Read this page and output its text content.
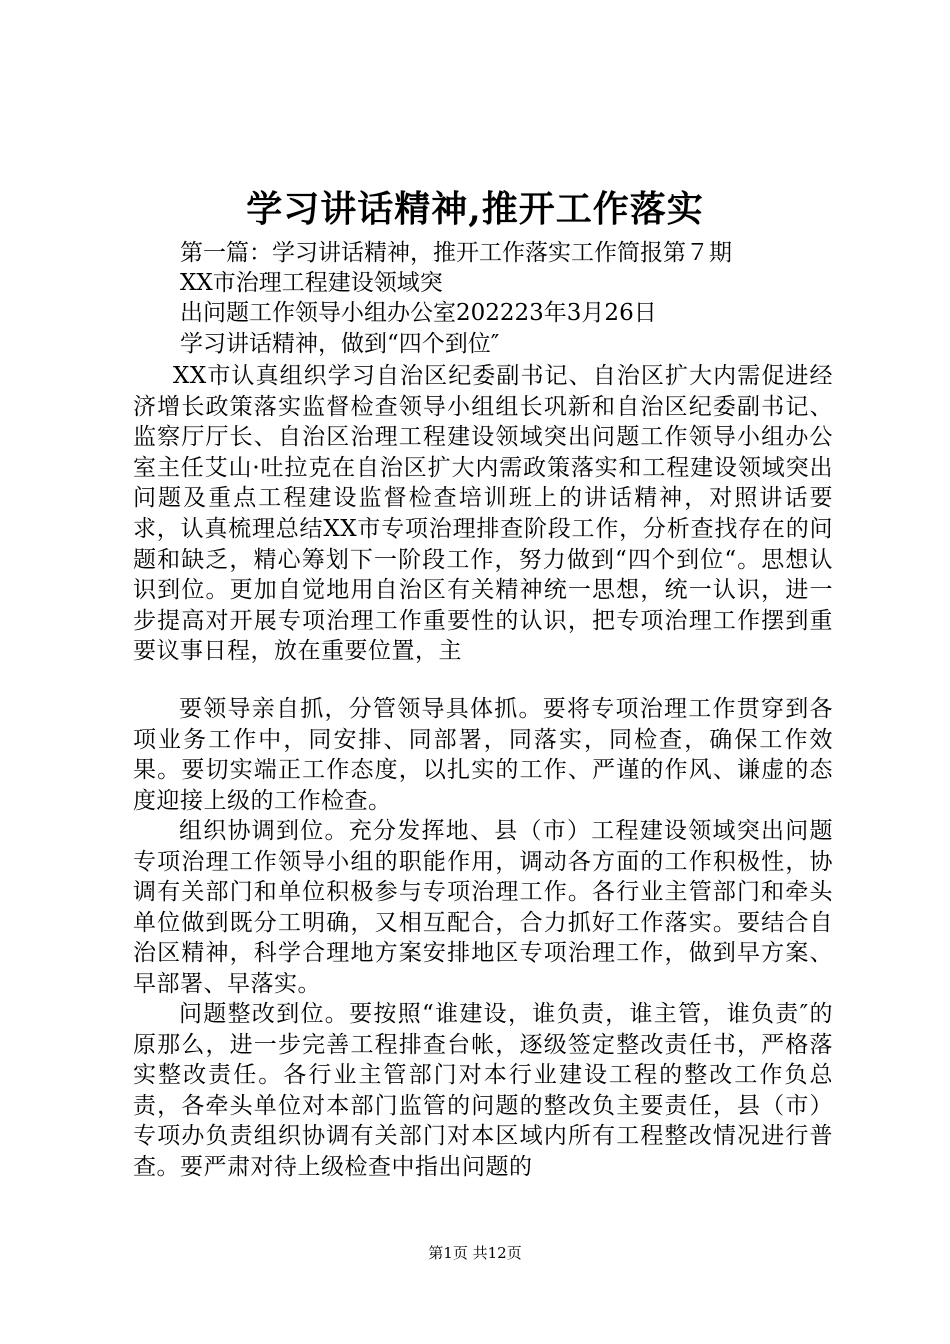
学习讲话精神,推开工作落实
第一篇：学习讲话精神，推开工作落实工作简报第７期
XX市治理工程建设领域突
出问题工作领导小组办公室202223年3月26日
学习讲话精神，做到“四个到位″

XX市认真组织学习自治区纪委副书记、自治区扩大内需促进经济增长政策落实监督检查领导小组组长巩新和自治区纪委副书记、监察厅厅长、自治区治理工程建设领域突出问题工作领导小组办公室主任艾山·吐拉克在自治区扩大内需政策落实和工程建设领域突出问题及重点工程建设监督检查培训班上的讲话精神，对照讲话要求，认真梳理总结XX市专项治理排查阶段工作，分析查找存在的问题和缺乏，精心筹划下一阶段工作，努力做到“四个到位“。思想认识到位。更加自觉地用自治区有关精神统一思想，统一认识，进一步提高对开展专项治理工作重要性的认识，把专项治理工作摆到重要议事日程，放在重要位置，主

要领导亲自抓，分管领导具体抓。要将专项治理工作贯穿到各项业务工作中，同安排、同部署，同落实，同检查，确保工作效果。要切实端正工作态度，以扎实的工作、严谨的作风、谦虚的态度迎接上级的工作检查。

组织协调到位。充分发挥地、县（市）工程建设领域突出问题专项治理工作领导小组的职能作用，调动各方面的工作积极性，协调有关部门和单位积极参与专项治理工作。各行业主管部门和牵头单位做到既分工明确，又相互配合，合力抓好工作落实。要结合自治区精神，科学合理地方案安排地区专项治理工作，做到早方案、早部署、早落实。

问题整改到位。要按照“谁建设，谁负责，谁主管，谁负责″的原那么，进一步完善工程排查台帐，逐级签定整改责任书，严格落实整改责任。各行业主管部门对本行业建设工程的整改工作负总责，各牵头单位对本部门监管的问题的整改负主要责任，县（市）专项办负责组织协调有关部门对本区域内所有工程整改情况进行普查。要严肃对待上级检查中指出问题的

第1页 共12页
